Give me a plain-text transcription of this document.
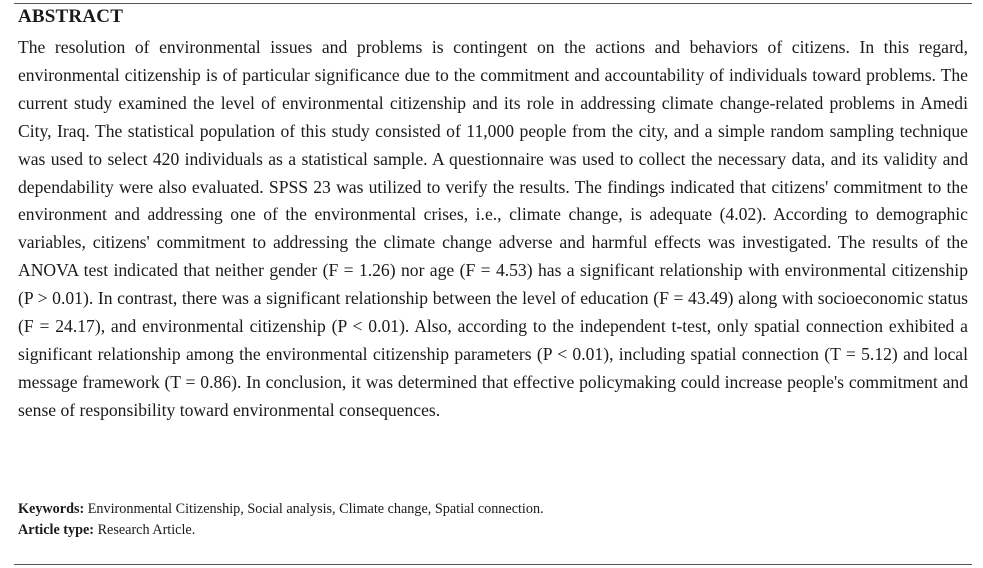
ABSTRACT

The resolution of environmental issues and problems is contingent on the actions and behaviors of citizens. In this regard, environmental citizenship is of particular significance due to the commitment and accountability of individuals toward problems. The current study examined the level of environmental citizenship and its role in addressing climate change-related problems in Amedi City, Iraq. The statistical population of this study consisted of 11,000 people from the city, and a simple random sampling technique was used to select 420 individuals as a statistical sample. A questionnaire was used to collect the necessary data, and its validity and dependability were also evaluated. SPSS 23 was utilized to verify the results. The findings indicated that citizens' commitment to the environment and addressing one of the environmental crises, i.e., climate change, is adequate (4.02). According to demographic variables, citizens' commitment to addressing the climate change adverse and harmful effects was investigated. The results of the ANOVA test indicated that neither gender (F = 1.26) nor age (F = 4.53) has a significant relationship with environmental citizenship (P > 0.01). In contrast, there was a significant relationship between the level of education (F = 43.49) along with socioeconomic status (F = 24.17), and environmental citizenship (P < 0.01). Also, according to the independent t-test, only spatial connection exhibited a significant relationship among the environmental citizenship parameters (P < 0.01), including spatial connection (T = 5.12) and local message framework (T = 0.86). In conclusion, it was determined that effective policymaking could increase people's commitment and sense of responsibility toward environmental consequences.

Keywords: Environmental Citizenship, Social analysis, Climate change, Spatial connection.

Article type: Research Article.
